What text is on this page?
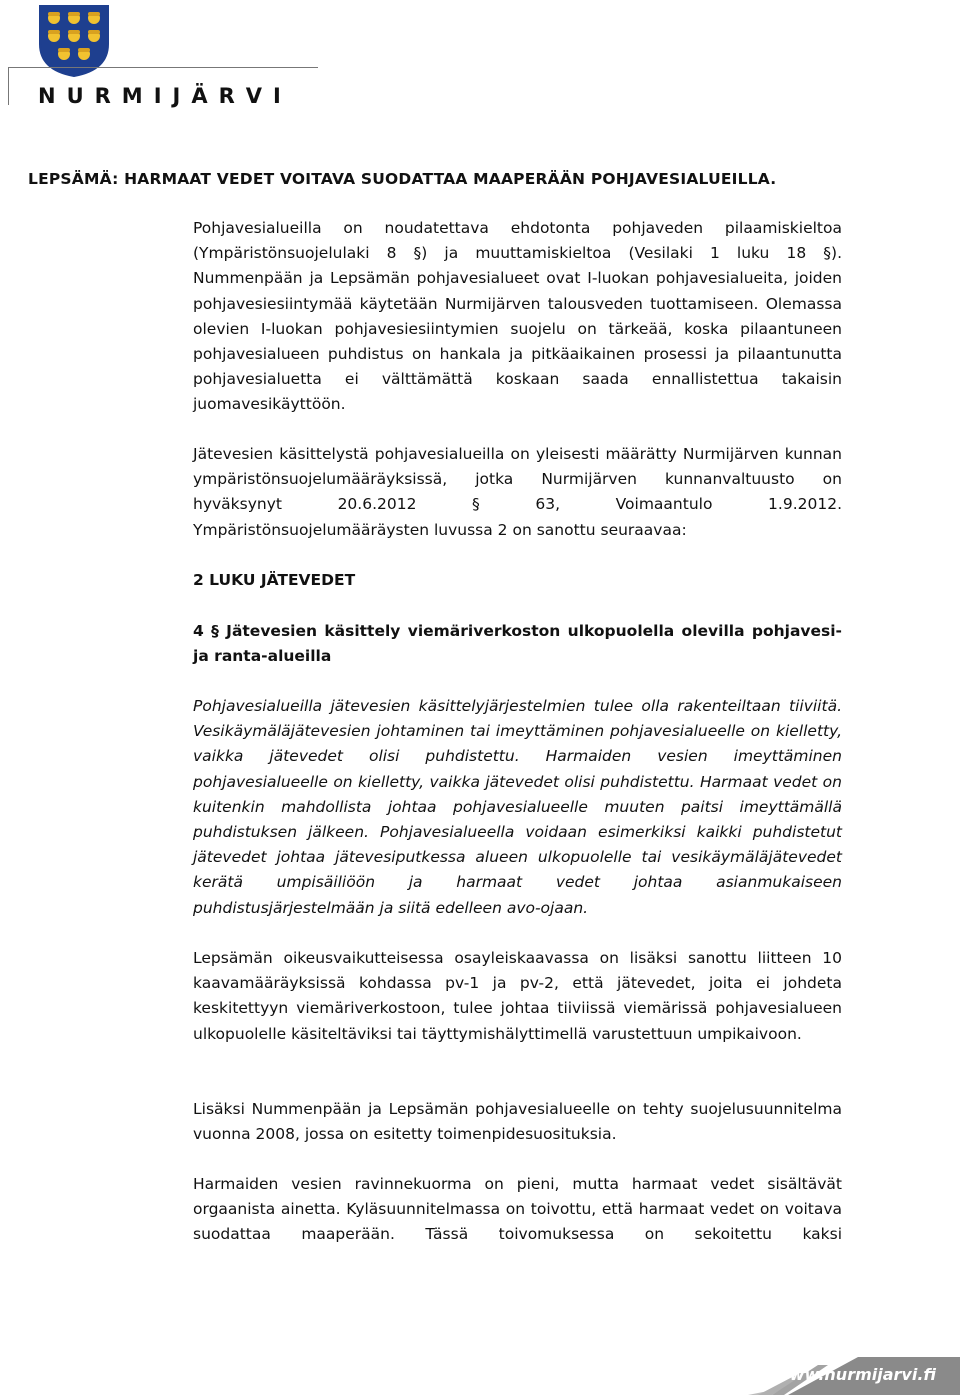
NURMIJÄRVI
LEPSÄMÄ: HARMAAT VEDET VOITAVA SUODATTAA MAAPERÄÄN POHJAVESIALUEILLA.

Pohjavesialueilla on noudatettava ehdotonta pohjaveden pilaamiskieltoa (Ympäristönsuojelulaki 8 §) ja muuttamiskieltoa (Vesilaki 1 luku 18 §). Nummenpään ja Lepsämän pohjavesialueet ovat I-luokan pohjavesialueita, joiden pohjavesiesiintymää käytetään Nurmijärven talousveden tuottamiseen. Olemassa olevien I-luokan pohjavesiesiintymien suojelu on tärkeää, koska pilaantuneen pohjavesialueen puhdistus on hankala ja pitkäaikainen prosessi ja pilaantunutta pohjavesialuetta ei välttämättä koskaan saada ennallistettua takaisin juomavesikäyttöön.

Jätevesien käsittelystä pohjavesialueilla on yleisesti määrätty Nurmijärven kunnan ympäristönsuojelumääräyksissä, jotka Nurmijärven kunnanvaltuusto on hyväksynyt 20.6.2012 § 63, Voimaantulo 1.9.2012.

Ympäristönsuojelumääräysten luvussa 2 on sanottu seuraavaa:

2 LUKU JÄTEVEDET

4 § Jätevesien käsittely viemäriverkoston ulkopuolella olevilla pohjavesi- ja ranta-alueilla

Pohjavesialueilla jätevesien käsittelyjärjestelmien tulee olla rakenteiltaan tiiviitä. Vesikäymäläjätevesien johtaminen tai imeyttäminen pohjavesialueelle on kielletty, vaikka jätevedet olisi puhdistettu. Harmaiden vesien imeyttäminen pohjavesialueelle on kielletty, vaikka jätevedet olisi puhdistettu. Harmaat vedet on kuitenkin mahdollista johtaa pohjavesialueelle muuten paitsi imeyttämällä puhdistuksen jälkeen. Pohjavesialueella voidaan esimerkiksi kaikki puhdistetut jätevedet johtaa jätevesiputkessa alueen ulkopuolelle tai vesikäymäläjätevedet kerätä umpisäiliöön ja harmaat vedet johtaa asianmukaiseen puhdistusjärjestelmään ja siitä edelleen avo-ojaan.

Lepsämän oikeusvaikutteisessa osayleiskaavassa on lisäksi sanottu liitteen 10 kaavamääräyksissä kohdassa pv-1 ja pv-2, että jätevedet, joita ei johdeta keskitettyyn viemäriverkostoon, tulee johtaa tiiviissä viemärissä pohjavesialueen ulkopuolelle käsiteltäviksi tai täyttymishälyttimellä varustettuun umpikaivoon.

Lisäksi Nummenpään ja Lepsämän pohjavesialueelle on tehty suojelusuunnitelma vuonna 2008, jossa on esitetty toimenpidesuosituksia.

Harmaiden vesien ravinnekuorma on pieni, mutta harmaat vedet sisältävät orgaanista ainetta. Kyläsuunnitelmassa on toivottu, että harmaat vedet on voitava suodattaa maaperään. Tässä toivomuksessa on sekoitettu kaksi

www.nurmijarvi.fi
